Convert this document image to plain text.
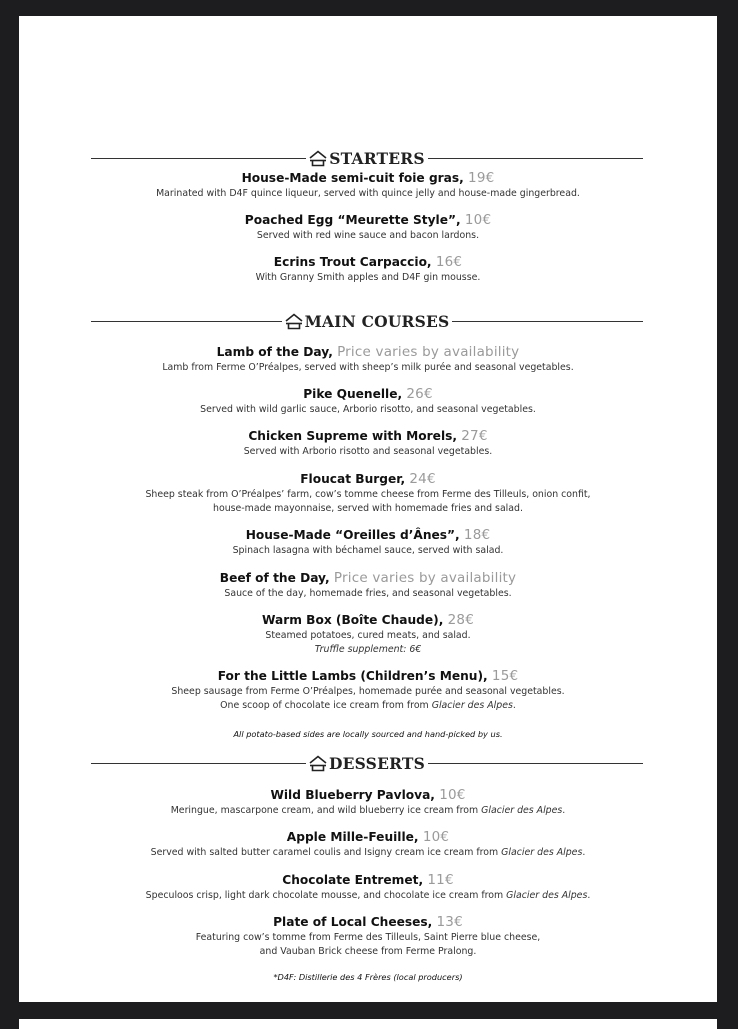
STARTERS
House-Made semi-cuit foie gras, 19€
Marinated with D4F quince liqueur, served with quince jelly and house-made gingerbread.
Poached Egg “Meurette Style”, 10€
Served with red wine sauce and bacon lardons.
Ecrins Trout Carpaccio, 16€
With Granny Smith apples and D4F gin mousse.
MAIN COURSES
Lamb of the Day, Price varies by availability
Lamb from Ferme O’Préalpes, served with sheep’s milk purée and seasonal vegetables.
Pike Quenelle, 26€
Served with wild garlic sauce, Arborio risotto, and seasonal vegetables.
Chicken Supreme with Morels, 27€
Served with Arborio risotto and seasonal vegetables.
Floucat Burger, 24€
Sheep steak from O’Préalpes’ farm, cow’s tomme cheese from Ferme des Tilleuls, onion confit,
house-made mayonnaise, served with homemade fries and salad.
House-Made “Oreilles d’Ânes”, 18€
Spinach lasagna with béchamel sauce, served with salad.
Beef of the Day, Price varies by availability
Sauce of the day, homemade fries, and seasonal vegetables.
Warm Box (Boîte Chaude), 28€
Steamed potatoes, cured meats, and salad.
Truffle supplement: 6€
For the Little Lambs (Children’s Menu), 15€
Sheep sausage from Ferme O’Préalpes, homemade purée and seasonal vegetables.
One scoop of chocolate ice cream from from Glacier des Alpes.
All potato-based sides are locally sourced and hand-picked by us.
DESSERTS
Wild Blueberry Pavlova, 10€
Meringue, mascarpone cream, and wild blueberry ice cream from Glacier des Alpes.
Apple Mille-Feuille, 10€
Served with salted butter caramel coulis and Isigny cream ice cream from Glacier des Alpes.
Chocolate Entremet, 11€
Speculoos crisp, light dark chocolate mousse, and chocolate ice cream from Glacier des Alpes.
Plate of Local Cheeses, 13€
Featuring cow’s tomme from Ferme des Tilleuls, Saint Pierre blue cheese,
and Vauban Brick cheese from Ferme Pralong.
*D4F: Distillerie des 4 Frères (local producers)
